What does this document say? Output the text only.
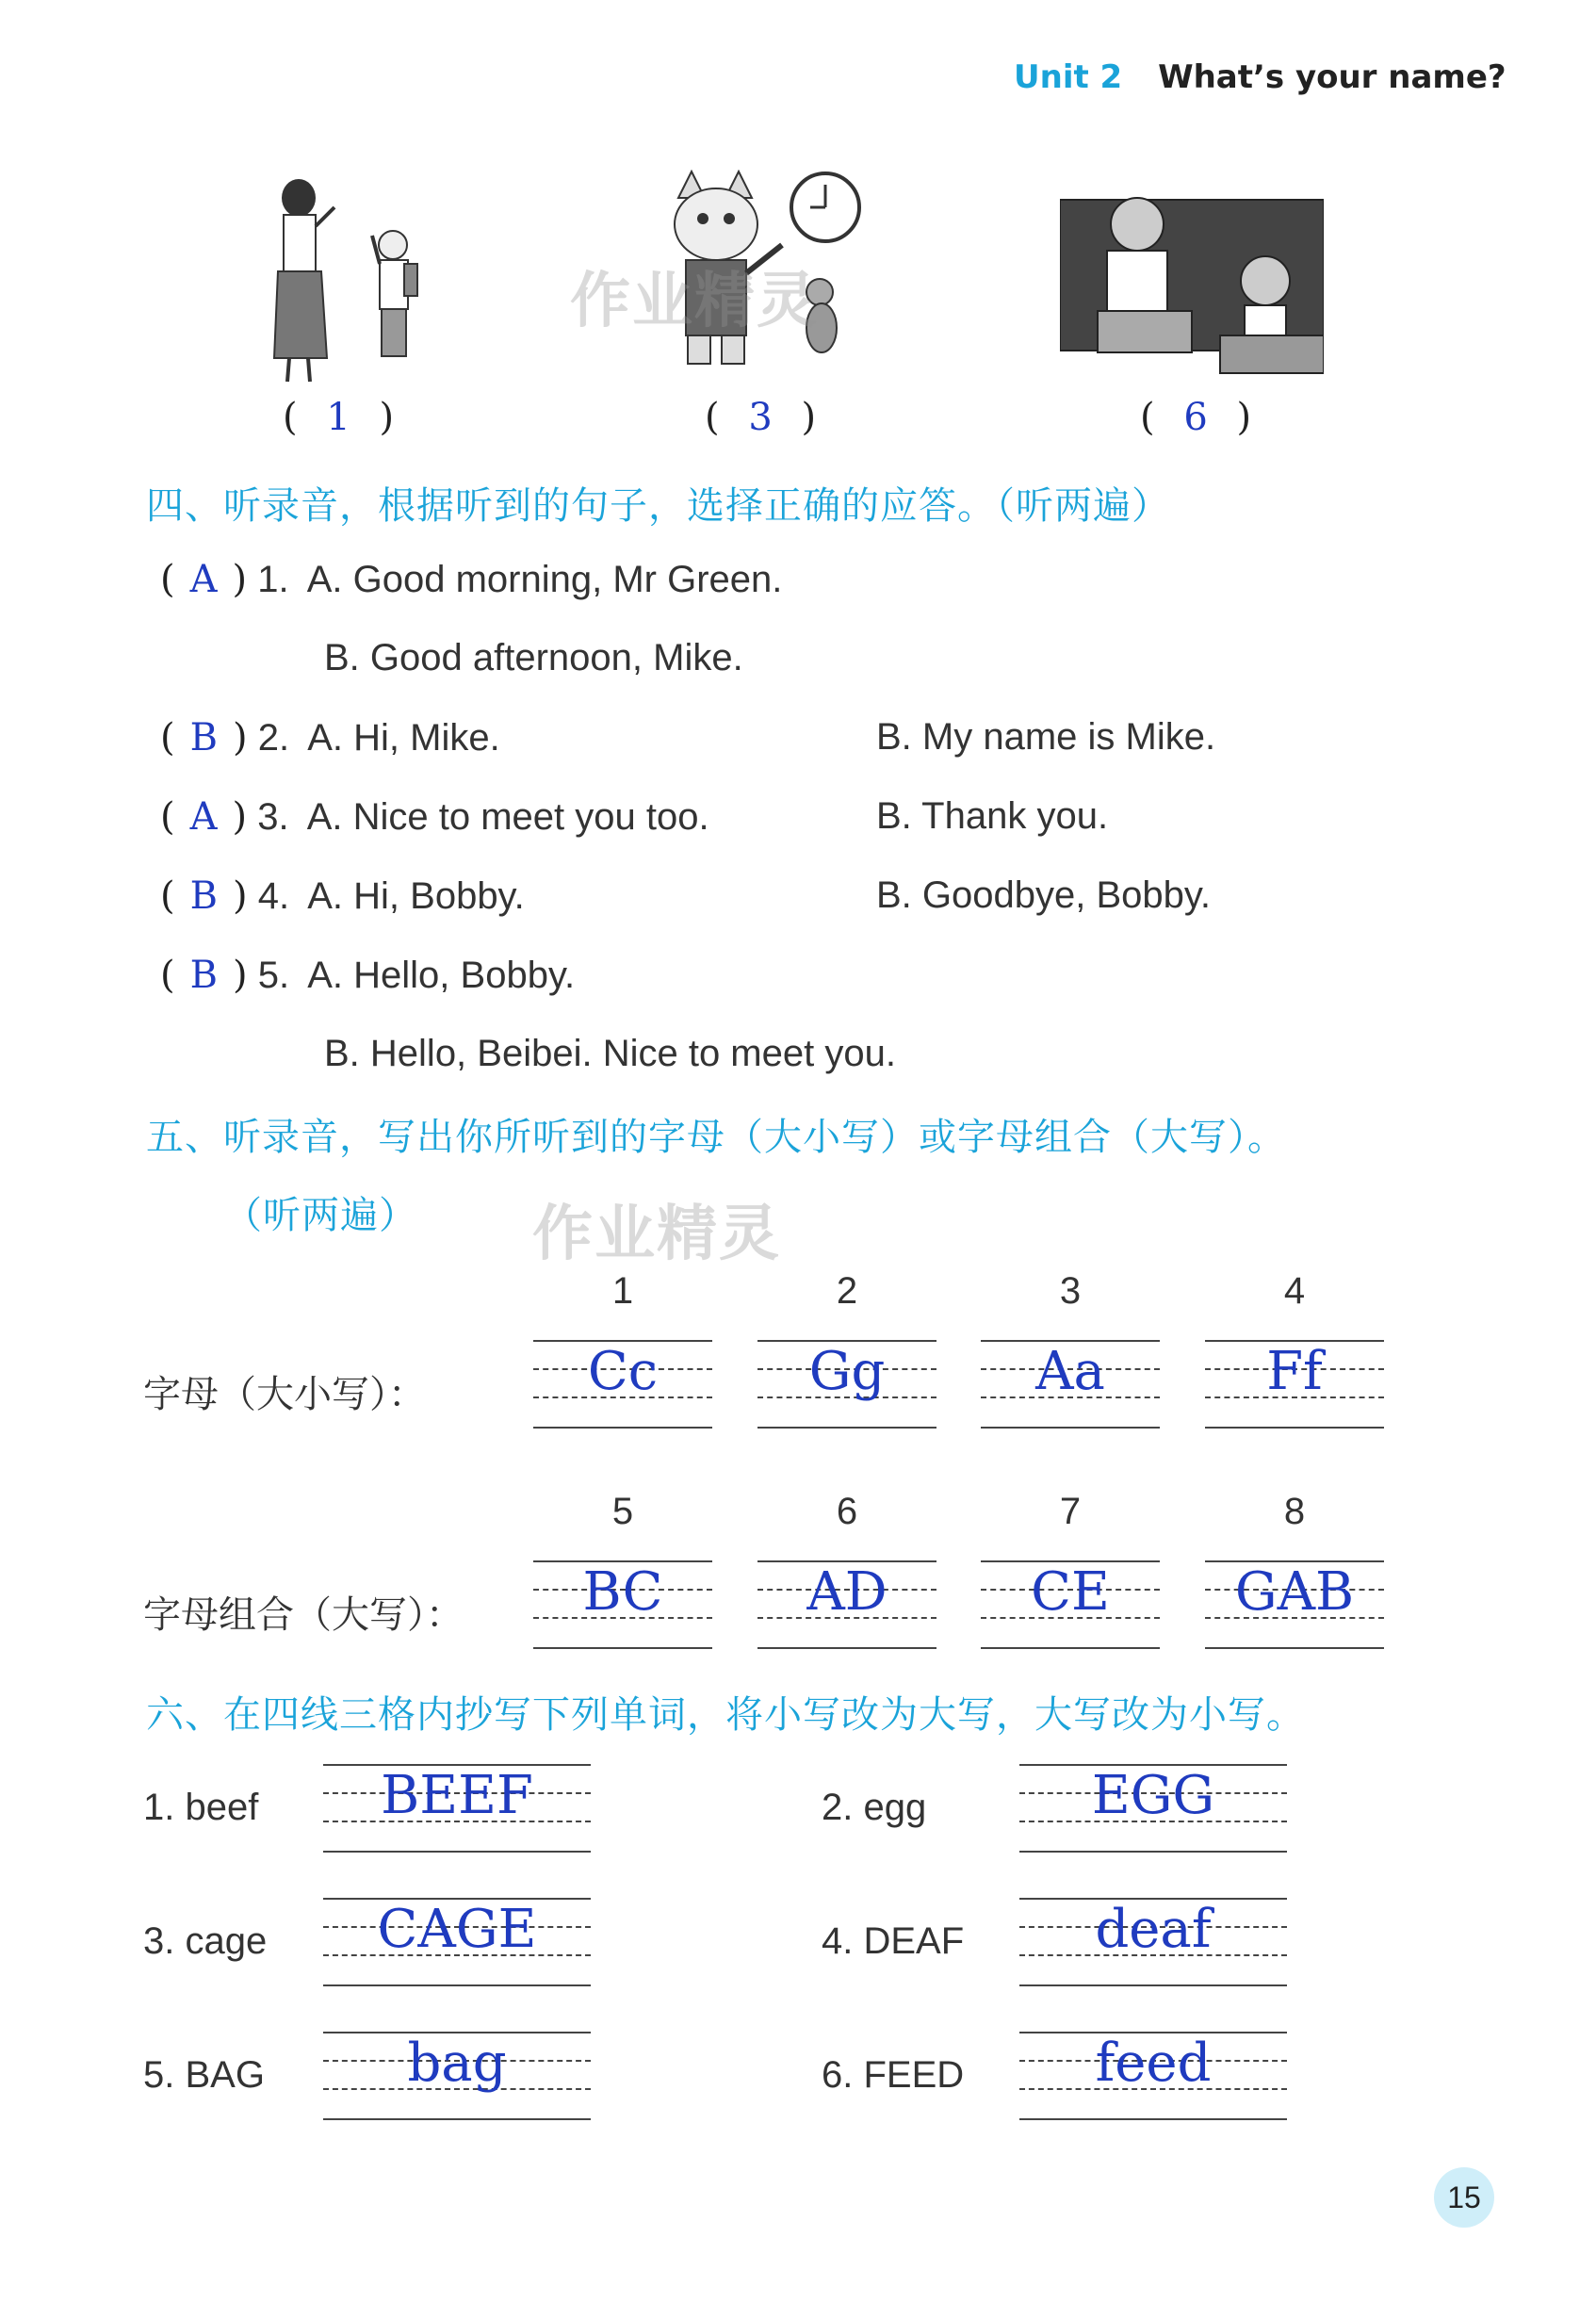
Unit 2 What’s your name?
( 1 )	( 3 )	( 6 )
作业精灵
四、听录音，根据听到的句子，选择正确的应答。（听两遍）
( A ) 1. A. Good morning, Mr Green.
B. Good afternoon, Mike.
( B ) 2. A. Hi, Mike.	B. My name is Mike.
( A ) 3. A. Nice to meet you too.	B. Thank you.
( B ) 4. A. Hi, Bobby.	B. Goodbye, Bobby.
( B ) 5. A. Hello, Bobby.
B. Hello, Beibei. Nice to meet you.
五、听录音，写出你所听到的字母（大小写）或字母组合（大写）。
（听两遍） 作业精灵
1	2	3	4
字母（大小写）：	Cc	Gg	Aa	Ff
5	6	7	8
字母组合（大写）：	BC	AD	CE	GAB
六、在四线三格内抄写下列单词，将小写改为大写，大写改为小写。
1. beef	BEEF	2. egg	EGG
3. cage	CAGE	4. DEAF	deaf
5. BAG	bag	6. FEED	feed
15
